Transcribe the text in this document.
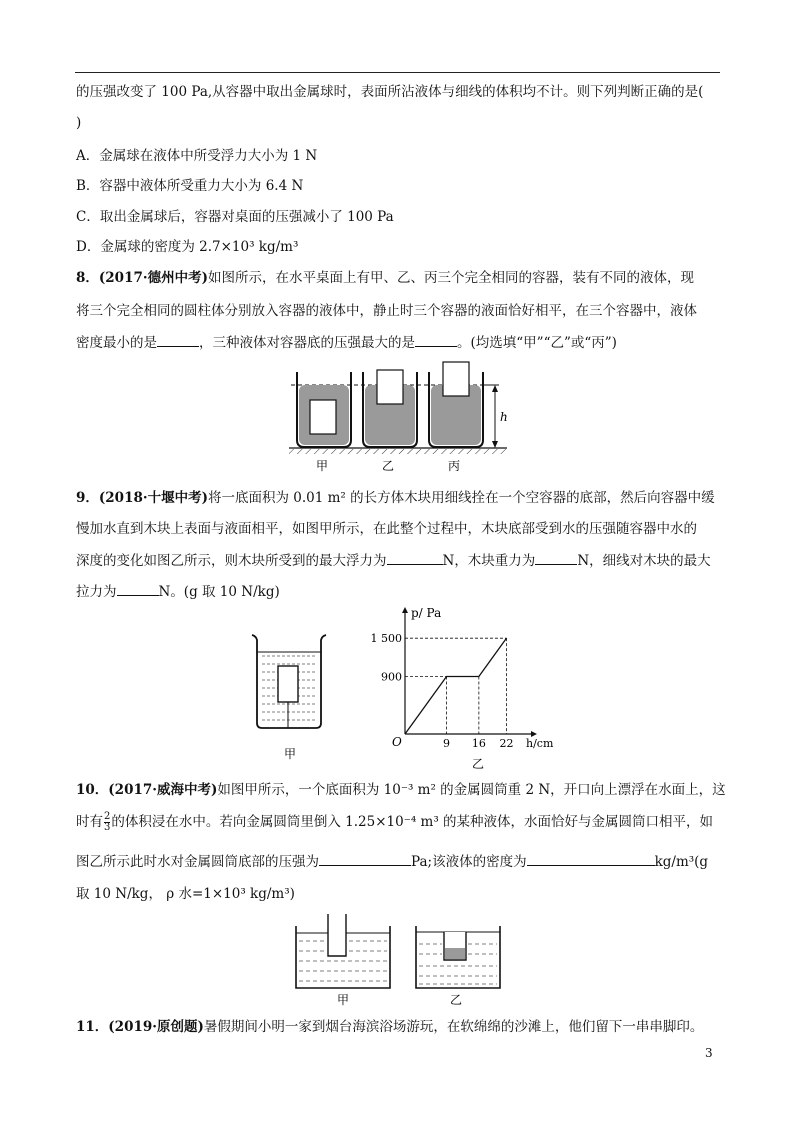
的压强改变了 100 Pa,从容器中取出金属球时，表面所沾液体与细线的体积均不计。则下列判断正确的是(
)
A．金属球在液体中所受浮力大小为 1 N
B．容器中液体所受重力大小为 6.4 N
C．取出金属球后，容器对桌面的压强减小了 100 Pa
D．金属球的密度为 2.7×10³ kg/m³
8．(2017·德州中考)如图所示，在水平桌面上有甲、乙、丙三个完全相同的容器，装有不同的液体，现
将三个完全相同的圆柱体分别放入容器的液体中，静止时三个容器的液面恰好相平，在三个容器中，液体
密度最小的是	，三种液体对容器底的压强最大的是	。(均选填“甲”“乙”或“丙”)
h
甲	乙	丙
9．(2018·十堰中考)将一底面积为 0.01 m² 的长方体木块用细线拴在一个空容器的底部，然后向容器中缓
慢加水直到木块上表面与液面相平，如图甲所示，在此整个过程中，木块底部受到水的压强随容器中水的
深度的变化如图乙所示，则木块所受到的最大浮力为	N，木块重力为	N，细线对木块的最大
拉力为	N。(g 取 10 N/kg)
甲
9 16 22
900
1 500
O
p/ Pa
h/cm
乙
10．(2017·威海中考)如图甲所示，一个底面积为 10⁻³ m² 的金属圆筒重 2 N，开口向上漂浮在水面上，这
时有 $\frac{2}{3}$ 的体积浸在水中。若向金属圆筒里倒入 1.25×10⁻⁴ m³ 的某种液体，水面恰好与金属圆筒口相平，如
图乙所示此时水对金属圆筒底部的压强为	Pa;该液体的密度为	kg/m³(g
取 10 N/kg， ρ 水=1×10³ kg/m³)
甲	乙
11．(2019·原创题)暑假期间小明一家到烟台海滨浴场游玩，在软绵绵的沙滩上，他们留下一串串脚印。
3
